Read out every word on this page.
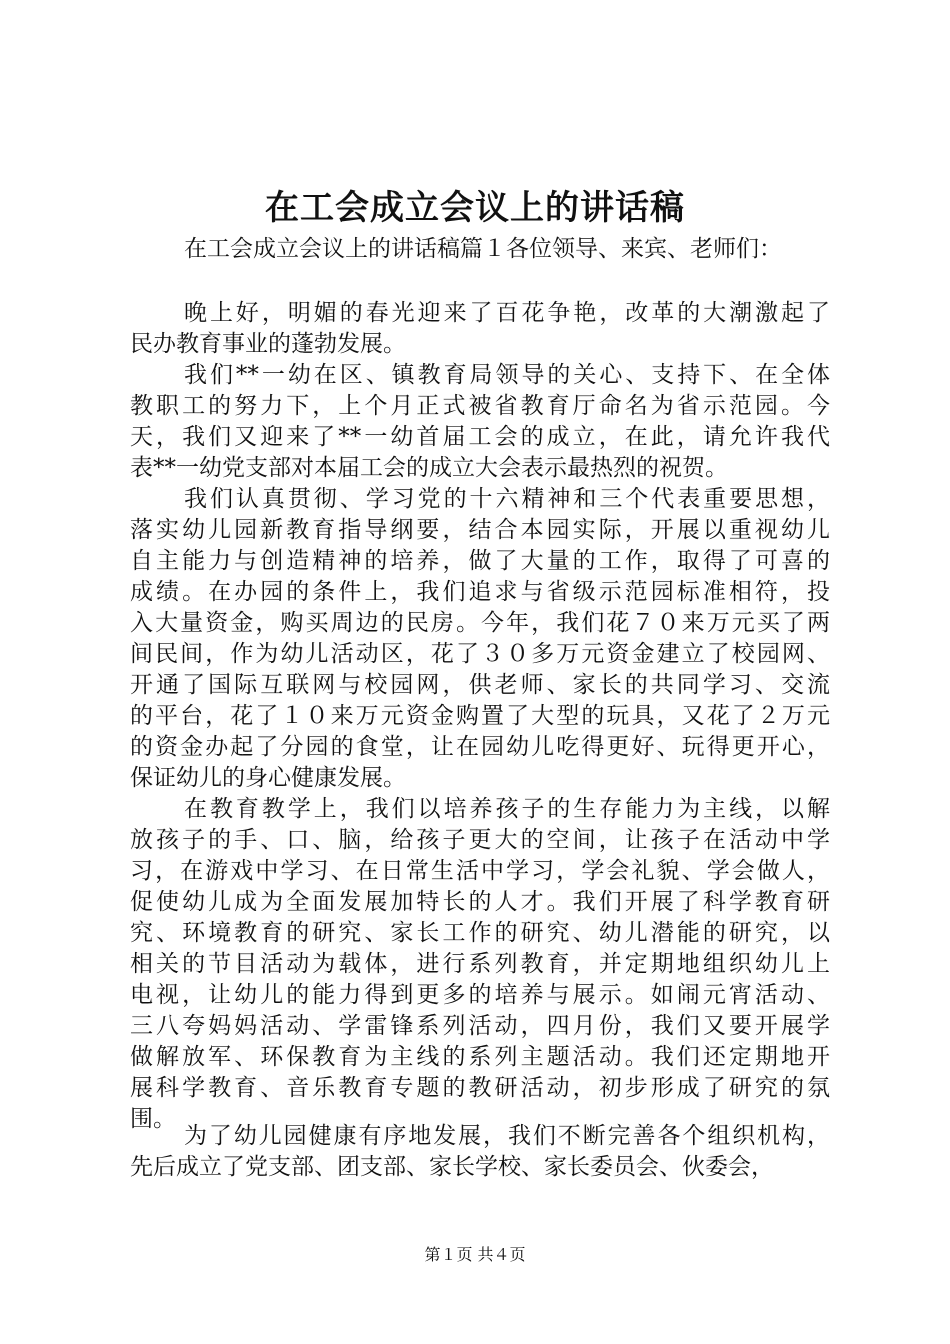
在工会成立会议上的讲话稿
在工会成立会议上的讲话稿篇１各位领导、来宾、老师们：
晚上好，明媚的春光迎来了百花争艳，改革的大潮激起了
民办教育事业的蓬勃发展。
我们**一幼在区、镇教育局领导的关心、支持下、在全体
教职工的努力下，上个月正式被省教育厅命名为省示范园。今
天，我们又迎来了**一幼首届工会的成立，在此，请允许我代
表**一幼党支部对本届工会的成立大会表示最热烈的祝贺。
我们认真贯彻、学习党的十六精神和三个代表重要思想，
落实幼儿园新教育指导纲要，结合本园实际，开展以重视幼儿
自主能力与创造精神的培养，做了大量的工作，取得了可喜的
成绩。在办园的条件上，我们追求与省级示范园标准相符，投
入大量资金，购买周边的民房。今年，我们花７０来万元买了两
间民间，作为幼儿活动区，花了３０多万元资金建立了校园网、
开通了国际互联网与校园网，供老师、家长的共同学习、交流
的平台，花了１０来万元资金购置了大型的玩具，又花了２万元
的资金办起了分园的食堂，让在园幼儿吃得更好、玩得更开心，
保证幼儿的身心健康发展。
在教育教学上，我们以培养孩子的生存能力为主线，以解
放孩子的手、口、脑，给孩子更大的空间，让孩子在活动中学
习，在游戏中学习、在日常生活中学习，学会礼貌、学会做人，
促使幼儿成为全面发展加特长的人才。我们开展了科学教育研
究、环境教育的研究、家长工作的研究、幼儿潜能的研究，以
相关的节目活动为载体，进行系列教育，并定期地组织幼儿上
电视，让幼儿的能力得到更多的培养与展示。如闹元宵活动、
三八夸妈妈活动、学雷锋系列活动，四月份，我们又要开展学
做解放军、环保教育为主线的系列主题活动。我们还定期地开
展科学教育、音乐教育专题的教研活动，初步形成了研究的氛
围。
为了幼儿园健康有序地发展，我们不断完善各个组织机构，
先后成立了党支部、团支部、家长学校、家长委员会、伙委会，
第１页 共４页
